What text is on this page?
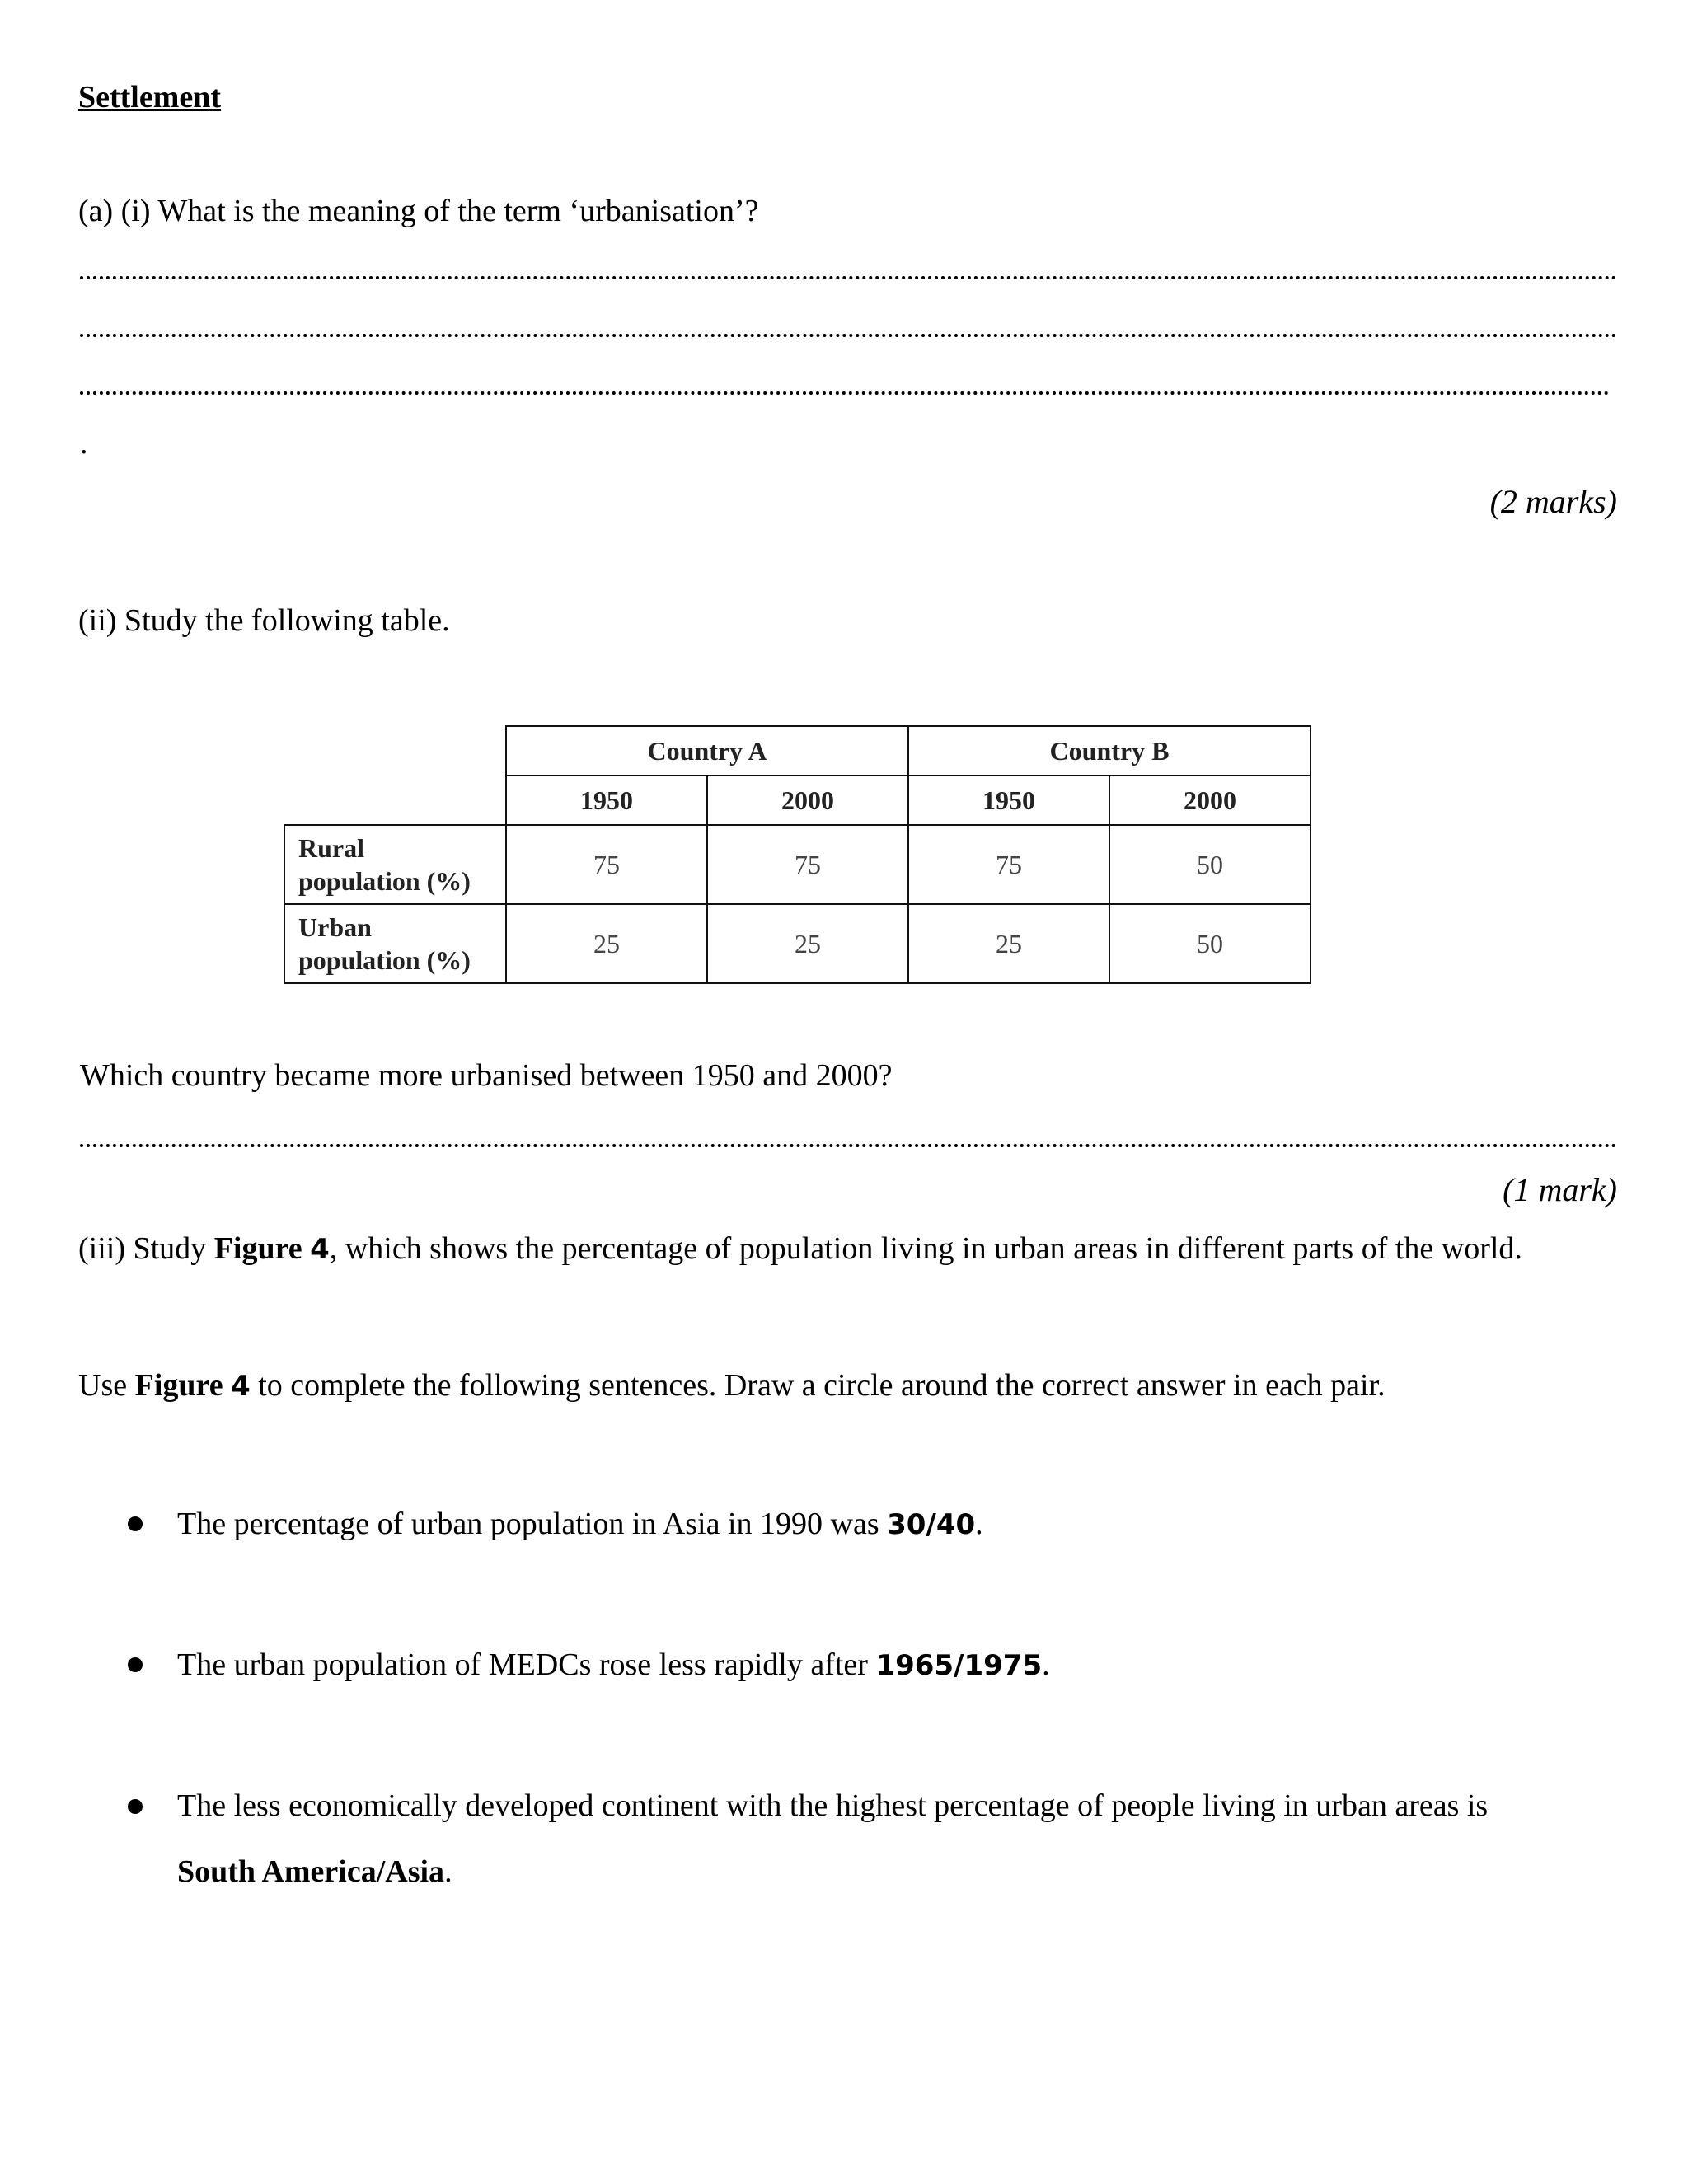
Settlement
(a) (i) What is the meaning of the term ‘urbanisation’?
.
(2 marks)
(ii) Study the following table.
	Country A		Country B	
	1950	2000	1950	2000
Rural
population (%)	75	75	75	50
Urban
population (%)	25	25	25	50
Which country became more urbanised between 1950 and 2000?
(1 mark)
(iii) Study Figure 4, which shows the percentage of population living in urban areas in different parts of the world.
Use Figure 4 to complete the following sentences. Draw a circle around the correct answer in each pair.
The percentage of urban population in Asia in 1990 was 30/40.
The urban population of MEDCs rose less rapidly after 1965/1975.
The less economically developed continent with the highest percentage of people living in urban areas is
South America/Asia.
